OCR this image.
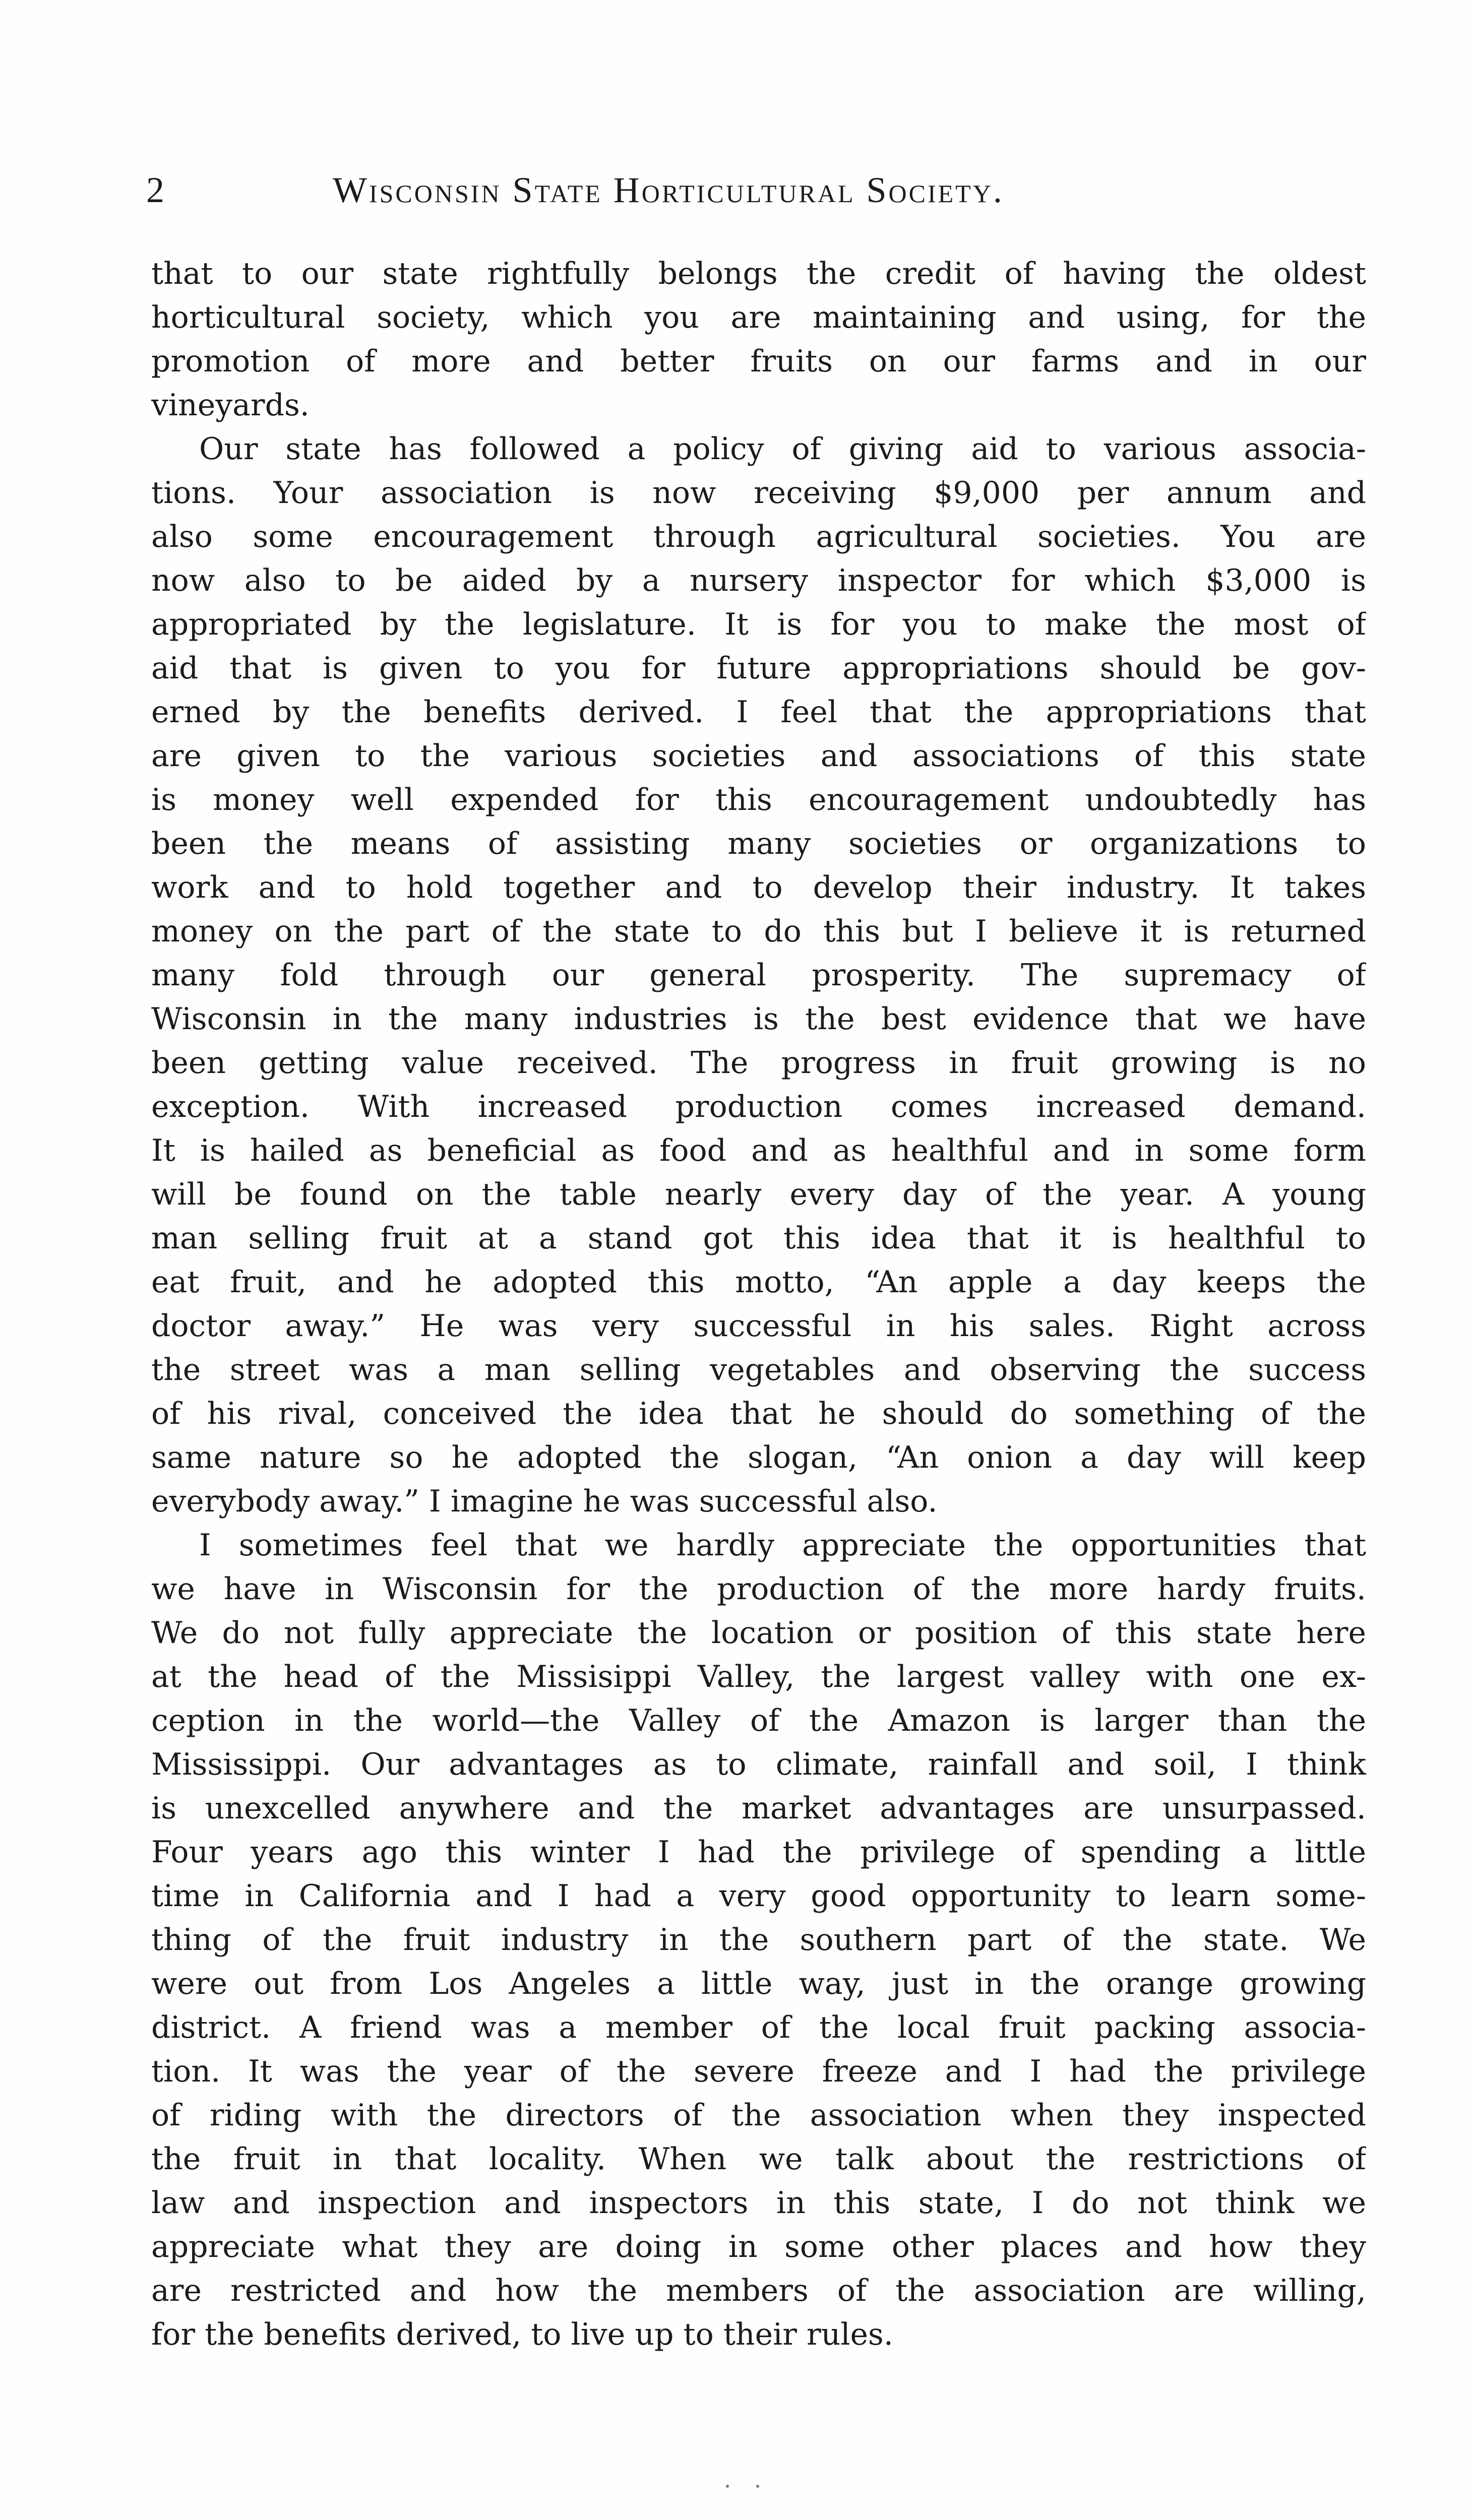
2	Wisconsin State Horticultural Society.
that to our state rightfully belongs the credit of having the oldest
horticultural society, which you are maintaining and using, for the
promotion of more and better fruits on our farms and in our
vineyards.
Our state has followed a policy of giving aid to various associa-
tions. Your association is now receiving $9,000 per annum and
also some encouragement through agricultural societies. You are
now also to be aided by a nursery inspector for which $3,000 is
appropriated by the legislature. It is for you to make the most of
aid that is given to you for future appropriations should be gov-
erned by the benefits derived. I feel that the appropriations that
are given to the various societies and associations of this state
is money well expended for this encouragement undoubtedly has
been the means of assisting many societies or organizations to
work and to hold together and to develop their industry. It takes
money on the part of the state to do this but I believe it is returned
many fold through our general prosperity. The supremacy of
Wisconsin in the many industries is the best evidence that we have
been getting value received. The progress in fruit growing is no
exception. With increased production comes increased demand.
It is hailed as beneficial as food and as healthful and in some form
will be found on the table nearly every day of the year. A young
man selling fruit at a stand got this idea that it is healthful to
eat fruit, and he adopted this motto, “An apple a day keeps the
doctor away.” He was very successful in his sales. Right across
the street was a man selling vegetables and observing the success
of his rival, conceived the idea that he should do something of the
same nature so he adopted the slogan, “An onion a day will keep
everybody away.” I imagine he was successful also.
I sometimes feel that we hardly appreciate the opportunities that
we have in Wisconsin for the production of the more hardy fruits.
We do not fully appreciate the location or position of this state here
at the head of the Missisippi Valley, the largest valley with one ex-
ception in the world—the Valley of the Amazon is larger than the
Mississippi. Our advantages as to climate, rainfall and soil, I think
is unexcelled anywhere and the market advantages are unsurpassed.
Four years ago this winter I had the privilege of spending a little
time in California and I had a very good opportunity to learn some-
thing of the fruit industry in the southern part of the state. We
were out from Los Angeles a little way, just in the orange growing
district. A friend was a member of the local fruit packing associa-
tion. It was the year of the severe freeze and I had the privilege
of riding with the directors of the association when they inspected
the fruit in that locality. When we talk about the restrictions of
law and inspection and inspectors in this state, I do not think we
appreciate what they are doing in some other places and how they
are restricted and how the members of the association are willing,
for the benefits derived, to live up to their rules.
